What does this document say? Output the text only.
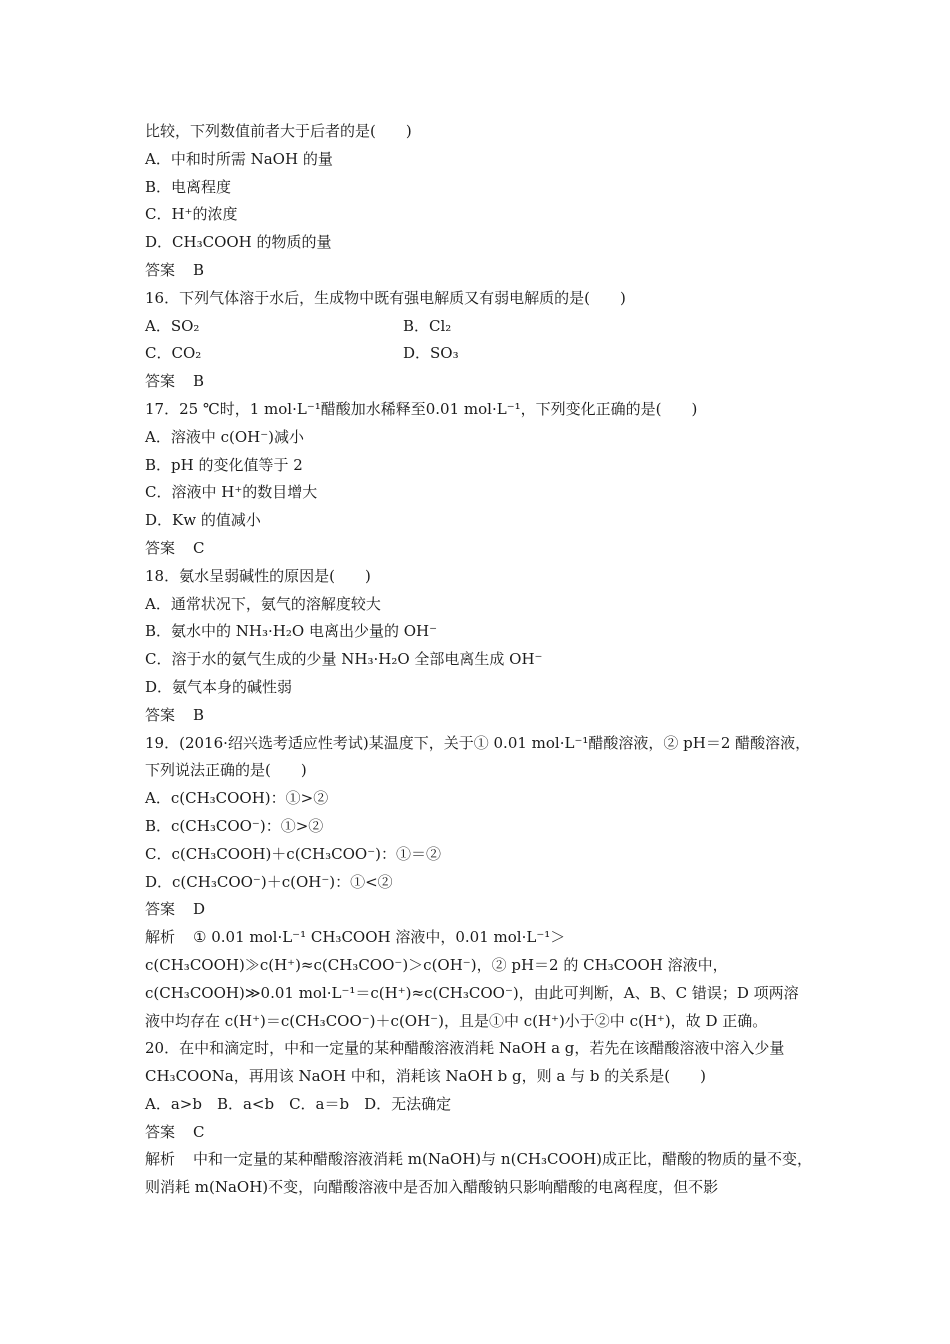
比较，下列数值前者大于后者的是(　　)
A．中和时所需 NaOH 的量
B．电离程度
C．H⁺的浓度
D．CH₃COOH 的物质的量
答案 B
16．下列气体溶于水后，生成物中既有强电解质又有弱电解质的是(　　)
A．SO₂	B．Cl₂
C．CO₂	D．SO₃
答案 B
17．25 ℃时，1 mol·L⁻¹醋酸加水稀释至0.01 mol·L⁻¹，下列变化正确的是(　　)
A．溶液中 c(OH⁻)减小
B．pH 的变化值等于 2
C．溶液中 H⁺的数目增大
D．Kw 的值减小
答案 C
18．氨水呈弱碱性的原因是(　　)
A．通常状况下，氨气的溶解度较大
B．氨水中的 NH₃·H₂O 电离出少量的 OH⁻
C．溶于水的氨气生成的少量 NH₃·H₂O 全部电离生成 OH⁻
D．氨气本身的碱性弱
答案 B
19．(2016·绍兴选考适应性考试)某温度下，关于① 0.01 mol·L⁻¹醋酸溶液，② pH＝2 醋酸溶液，下列说法正确的是(　　)
A．c(CH₃COOH)：①>②
B．c(CH₃COO⁻)：①>②
C．c(CH₃COOH)＋c(CH₃COO⁻)：①＝②
D．c(CH₃COO⁻)＋c(OH⁻)：①<②
答案 D
解析 ① 0.01 mol·L⁻¹ CH₃COOH 溶液中，0.01 mol·L⁻¹＞c(CH₃COOH)≫c(H⁺)≈c(CH₃COO⁻)＞c(OH⁻)，② pH＝2 的 CH₃COOH 溶液中，c(CH₃COOH)≫0.01 mol·L⁻¹＝c(H⁺)≈c(CH₃COO⁻)，由此可判断，A、B、C 错误；D 项两溶液中均存在 c(H⁺)＝c(CH₃COO⁻)＋c(OH⁻)，且是①中 c(H⁺)小于②中 c(H⁺)，故 D 正确。
20．在中和滴定时，中和一定量的某种醋酸溶液消耗 NaOH a g，若先在该醋酸溶液中溶入少量 CH₃COONa，再用该 NaOH 中和，消耗该 NaOH b g，则 a 与 b 的关系是(　　)
A．a>b　B．a<b　C．a＝b　D．无法确定
答案 C
解析 中和一定量的某种醋酸溶液消耗 m(NaOH)与 n(CH₃COOH)成正比，醋酸的物质的量不变，则消耗 m(NaOH)不变，向醋酸溶液中是否加入醋酸钠只影响醋酸的电离程度，但不影
